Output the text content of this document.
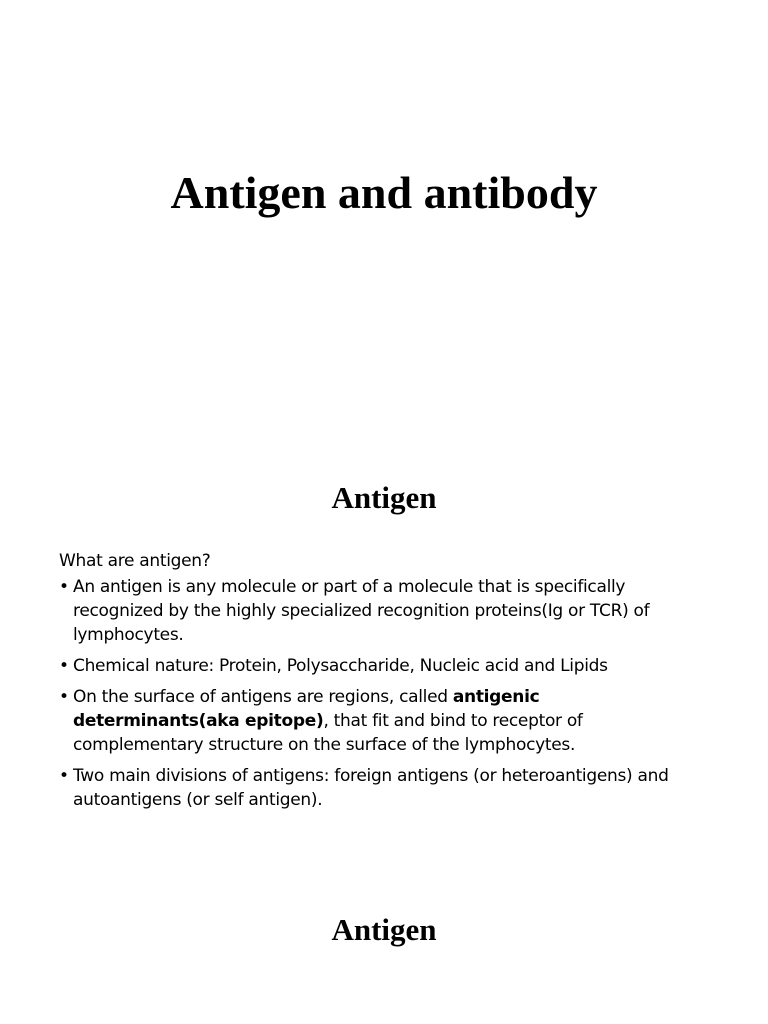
Antigen and antibody
Antigen

What are antigen?

• An antigen is any molecule or part of a molecule that is specifically recognized by the highly specialized recognition proteins(Ig or TCR) of lymphocytes.
• Chemical nature: Protein, Polysaccharide, Nucleic acid and Lipids
• On the surface of antigens are regions, called antigenic determinants(aka epitope), that fit and bind to receptor of complementary structure on the surface of the lymphocytes.
• Two main divisions of antigens: foreign antigens (or heteroantigens) and autoantigens (or self antigen).
Antigen
